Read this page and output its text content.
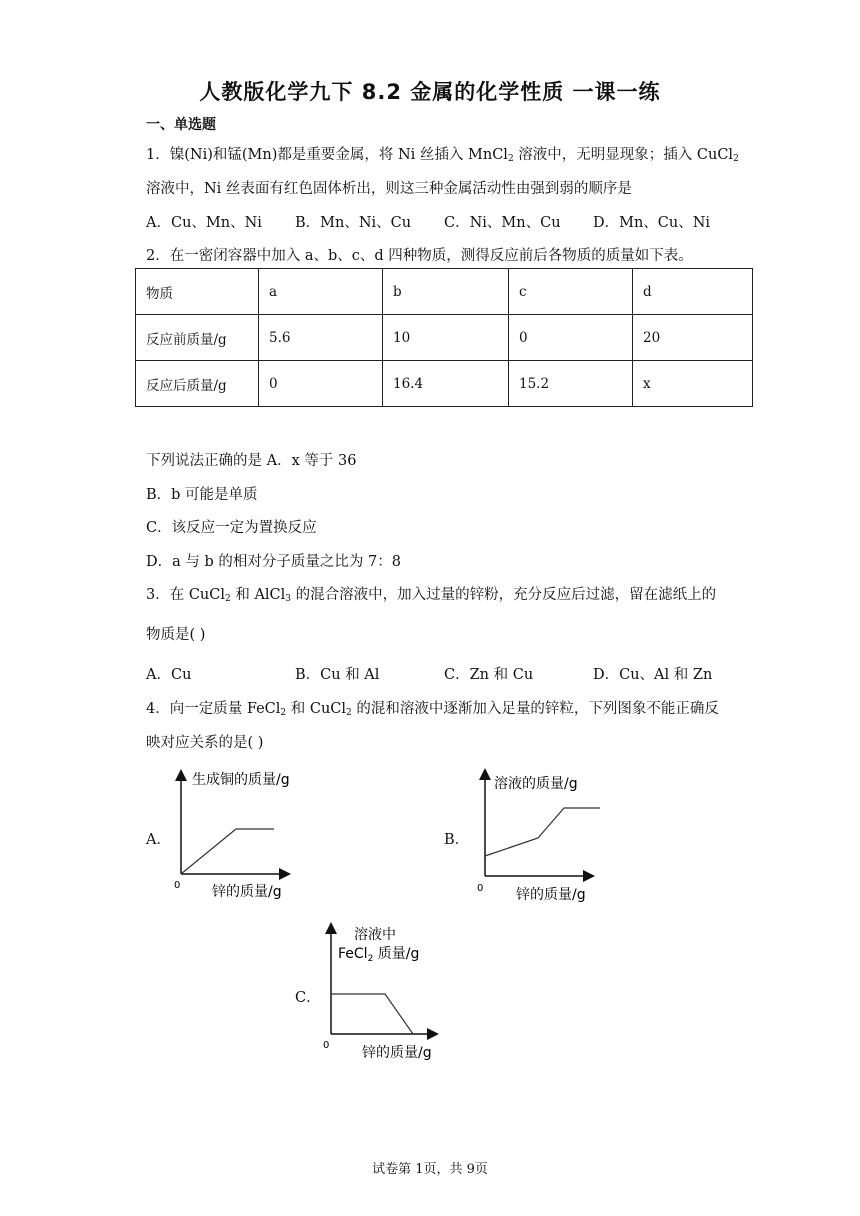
人教版化学九下 8.2 金属的化学性质 一课一练
一、单选题
1．镍(Ni)和锰(Mn)都是重要金属，将 Ni 丝插入 MnCl$_2$ 溶液中，无明显现象；插入 CuCl$_2$
溶液中，Ni 丝表面有红色固体析出，则这三种金属活动性由强到弱的顺序是
A．Cu、Mn、Ni B．Mn、Ni、Cu C．Ni、Mn、Cu D．Mn、Cu、Ni
2．在一密闭容器中加入 a、b、c、d 四种物质，测得反应前后各物质的质量如下表。
物质	a	b	c	d
反应前质量/g	5.6	10	0	20
反应后质量/g	0	16.4	15.2	x
下列说法正确的是 A．x 等于 36
B．b 可能是单质
C．该反应一定为置换反应
D．a 与 b 的相对分子质量之比为 7：8
3．在 CuCl$_2$ 和 AlCl$_3$ 的混合溶液中，加入过量的锌粉，充分反应后过滤，留在滤纸上的
物质是( )
A．Cu	B．Cu 和 Al	C．Zn 和 Cu	D．Cu、Al 和 Zn
4．向一定质量 FeCl$_2$ 和 CuCl$_2$ 的混和溶液中逐渐加入足量的锌粒，下列图象不能正确反
映对应关系的是( )
A．
生成铜的质量/g
锌的质量/g
0
B．
溶液的质量/g
锌的质量/g
0
C．
溶液中
FeCl$_2$ 质量/g
锌的质量/g
0
试卷第 1页，共 9页
